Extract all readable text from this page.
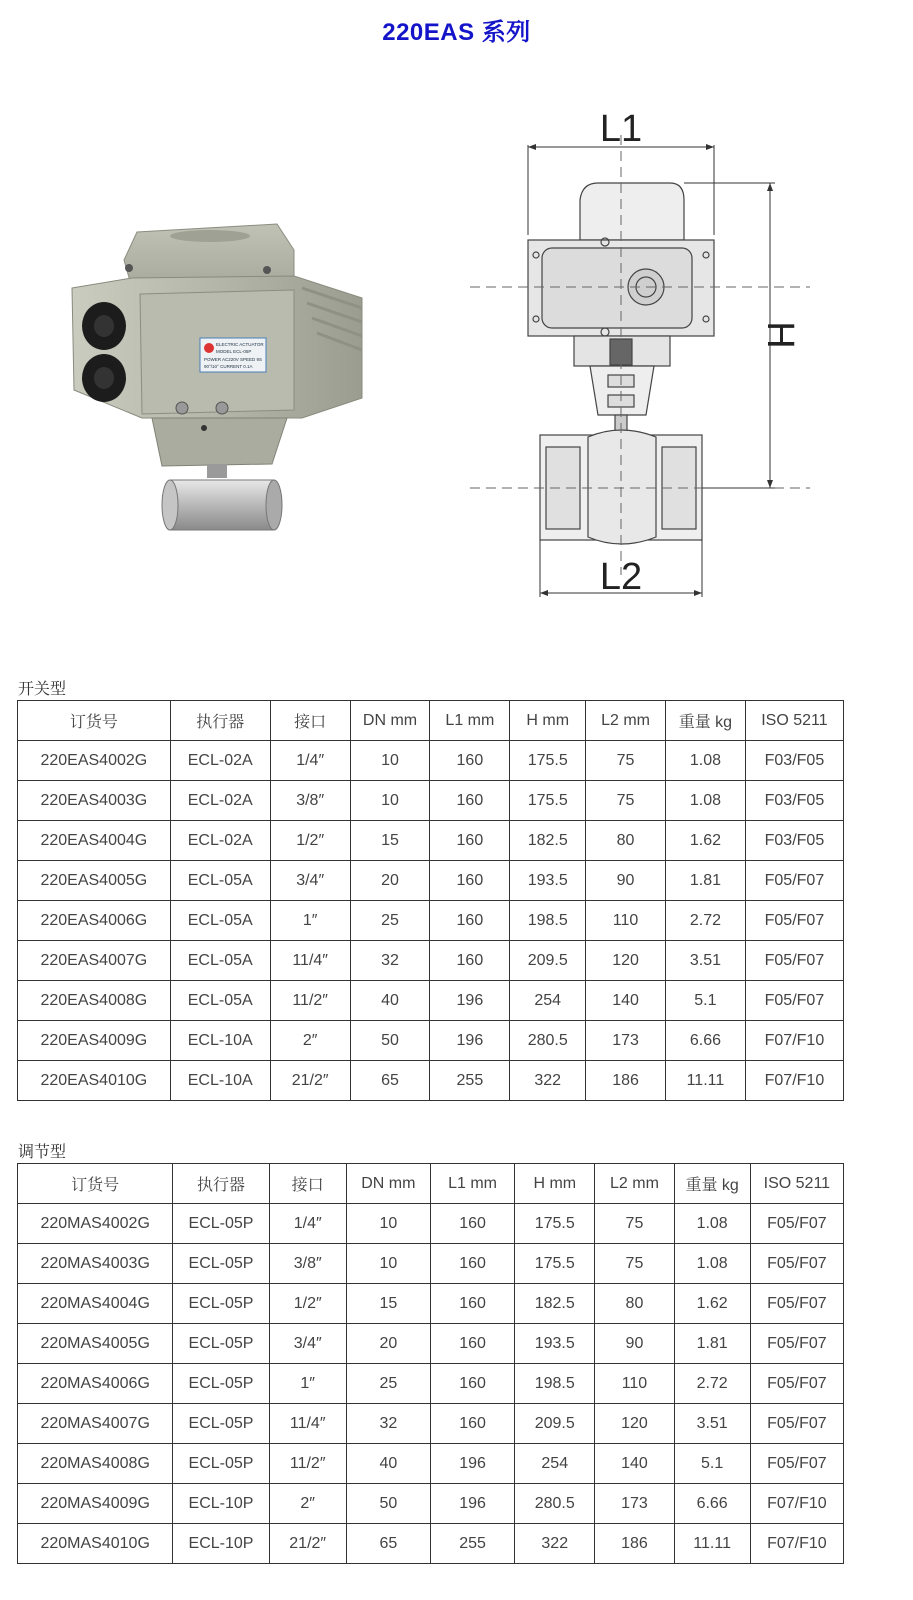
220EAS 系列
ELECTRIC ACTUATOR
MODEL ECL-05P
POWER AC220V SPEED 9S
90°/10° CURRENT 0.1A
L1
L2
H
开关型
订货号	执行器	接口	DN mm	L1 mm	H mm	L2 mm	重量 kg	ISO 5211
220EAS4002G	ECL-02A	1/4″	10	160	175.5	75	1.08	F03/F05
220EAS4003G	ECL-02A	3/8″	10	160	175.5	75	1.08	F03/F05
220EAS4004G	ECL-02A	1/2″	15	160	182.5	80	1.62	F03/F05
220EAS4005G	ECL-05A	3/4″	20	160	193.5	90	1.81	F05/F07
220EAS4006G	ECL-05A	1″	25	160	198.5	110	2.72	F05/F07
220EAS4007G	ECL-05A	11/4″	32	160	209.5	120	3.51	F05/F07
220EAS4008G	ECL-05A	11/2″	40	196	254	140	5.1	F05/F07
220EAS4009G	ECL-10A	2″	50	196	280.5	173	6.66	F07/F10
220EAS4010G	ECL-10A	21/2″	65	255	322	186	11.11	F07/F10
调节型
订货号	执行器	接口	DN mm	L1 mm	H mm	L2 mm	重量 kg	ISO 5211
220MAS4002G	ECL-05P	1/4″	10	160	175.5	75	1.08	F05/F07
220MAS4003G	ECL-05P	3/8″	10	160	175.5	75	1.08	F05/F07
220MAS4004G	ECL-05P	1/2″	15	160	182.5	80	1.62	F05/F07
220MAS4005G	ECL-05P	3/4″	20	160	193.5	90	1.81	F05/F07
220MAS4006G	ECL-05P	1″	25	160	198.5	110	2.72	F05/F07
220MAS4007G	ECL-05P	11/4″	32	160	209.5	120	3.51	F05/F07
220MAS4008G	ECL-05P	11/2″	40	196	254	140	5.1	F05/F07
220MAS4009G	ECL-10P	2″	50	196	280.5	173	6.66	F07/F10
220MAS4010G	ECL-10P	21/2″	65	255	322	186	11.11	F07/F10
